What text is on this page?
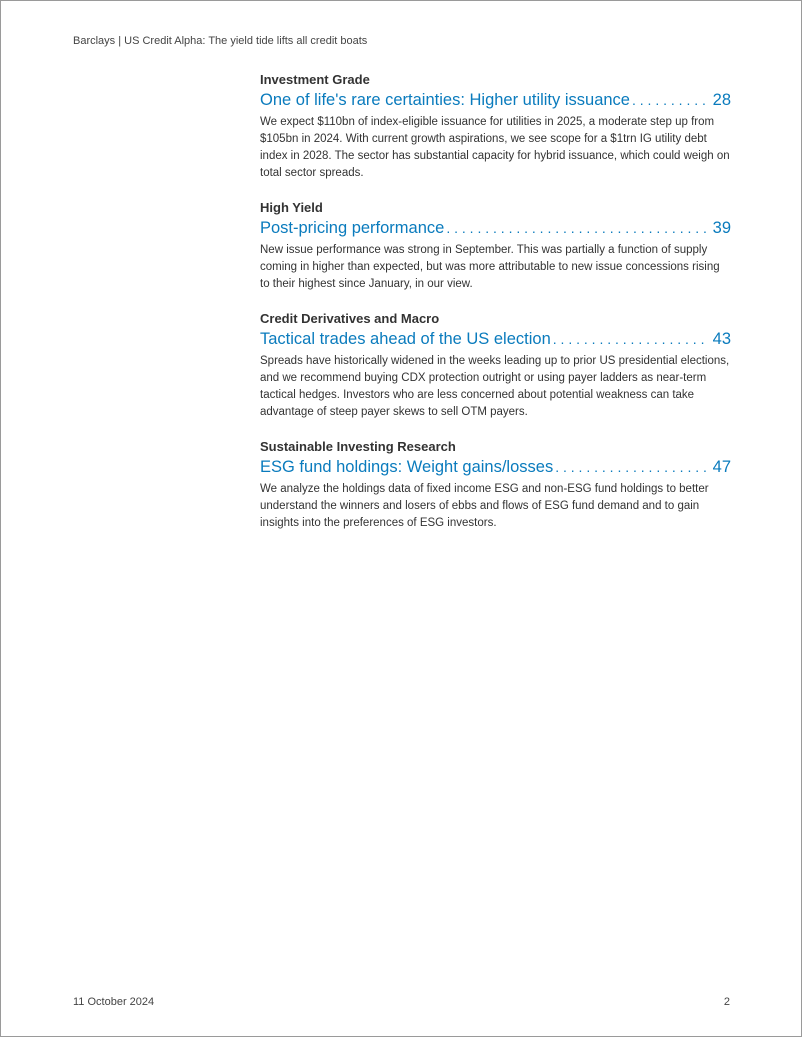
Barclays | US Credit Alpha: The yield tide lifts all credit boats
Investment Grade
One of life's rare certainties: Higher utility issuance . . .	28
We expect $110bn of index-eligible issuance for utilities in 2025, a moderate step up from $105bn in 2024. With current growth aspirations, we see scope for a $1trn IG utility debt index in 2028. The sector has substantial capacity for hybrid issuance, which could weigh on total sector spreads.
High Yield
Post-pricing performance . . .	39
New issue performance was strong in September. This was partially a function of supply coming in higher than expected, but was more attributable to new issue concessions rising to their highest since January, in our view.
Credit Derivatives and Macro
Tactical trades ahead of the US election . . .	43
Spreads have historically widened in the weeks leading up to prior US presidential elections, and we recommend buying CDX protection outright or using payer ladders as near-term tactical hedges. Investors who are less concerned about potential weakness can take advantage of steep payer skews to sell OTM payers.
Sustainable Investing Research
ESG fund holdings: Weight gains/losses . . .	47
We analyze the holdings data of fixed income ESG and non-ESG fund holdings to better understand the winners and losers of ebbs and flows of ESG fund demand and to gain insights into the preferences of ESG investors.
11 October 2024	2
